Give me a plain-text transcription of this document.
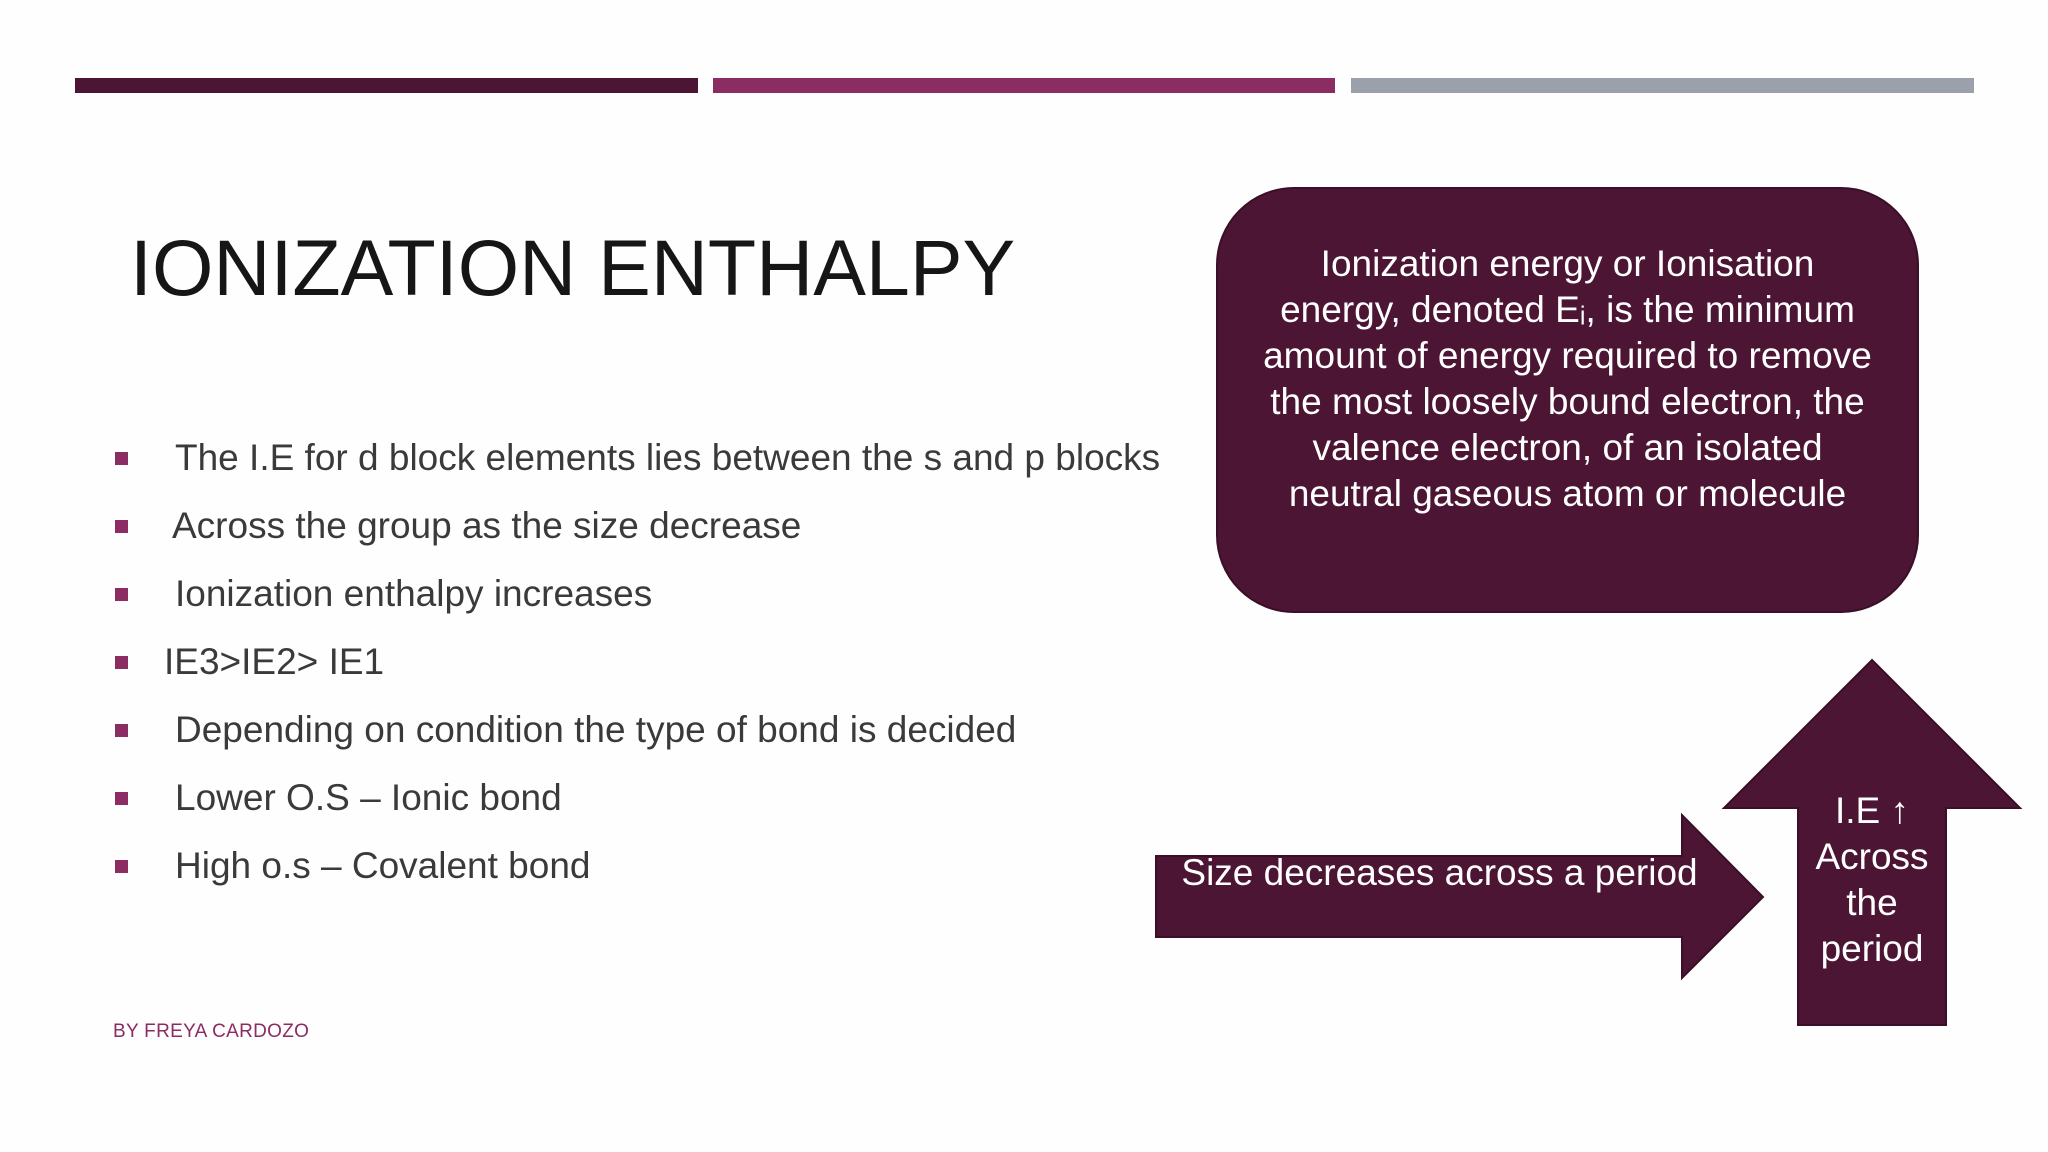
IONIZATION ENTHALPY
The I.E for d block elements lies between the s and p blocks
Across the group as the size decrease
Ionization enthalpy increases
IE3>IE2> IE1
Depending on condition the type of bond is decided
Lower O.S – Ionic bond
High o.s – Covalent bond
BY FREYA CARDOZO
Ionization energy or Ionisation energy, denoted Eᵢ, is the minimum amount of energy required to remove the most loosely bound electron, the valence electron, of an isolated neutral gaseous atom or molecule
Size decreases across a period
I.E ↑ Across the period
